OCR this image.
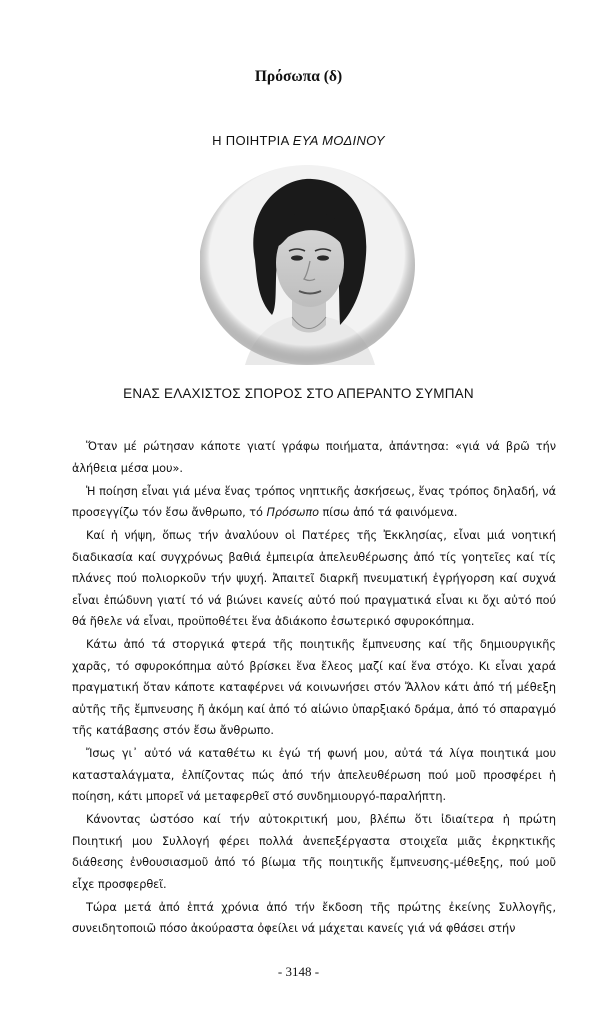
Πρόσωπα (δ)
Η ΠΟΙΗΤΡΙΑ ΕΥΑ ΜΟΔΙΝΟΥ
ΕΝΑΣ ΕΛΑΧΙΣΤΟΣ ΣΠΟΡΟΣ ΣΤΟ ΑΠΕΡΑΝΤΟ ΣΥΜΠΑΝ

Ὅταν μέ ρώτησαν κάποτε γιατί γράφω ποιήματα, ἀπάντησα: «γιά νά βρῶ τήν ἀλήθεια μέσα μου».

Ἡ ποίηση εἶναι γιά μένα ἕνας τρόπος νηπτικῆς ἀσκήσεως, ἕνας τρόπος δηλαδή, νά προσεγγίζω τόν ἔσω ἄνθρωπο, τό Πρόσωπο πίσω ἀπό τά φαινόμενα.

Καί ἡ νήψη, ὅπως τήν ἀναλύουν οἱ Πατέρες τῆς Ἐκκλησίας, εἶναι μιά νοητική διαδικασία καί συγχρόνως βαθιά ἐμπειρία ἀπελευθέρωσης ἀπό τίς γοητεῖες καί τίς πλάνες πού πολιορκοῦν τήν ψυχή. Ἀπαιτεῖ διαρκῆ πνευματική ἐγρήγορση καί συχνά εἶναι ἐπώδυνη γιατί τό νά βιώνει κανείς αὐτό πού πραγματικά εἶναι κι ὄχι αὐτό πού θά ἤθελε νά εἶναι, προϋποθέτει ἕνα ἀδιάκοπο ἐσωτερικό σφυροκόπημα.

Κάτω ἀπό τά στοργικά φτερά τῆς ποιητικῆς ἔμπνευσης καί τῆς δημιουργικῆς χαρᾶς, τό σφυροκόπημα αὐτό βρίσκει ἕνα ἔλεος μαζί καί ἕνα στόχο. Κι εἶναι χαρά πραγματική ὅταν κάποτε καταφέρνει νά κοινωνήσει στόν Ἄλλον κάτι ἀπό τή μέθεξη αὐτῆς τῆς ἔμπνευσης ἤ ἀκόμη καί ἀπό τό αἰώνιο ὑπαρξιακό δράμα, ἀπό τό σπαραγμό τῆς κατάβασης στόν ἔσω ἄνθρωπο.

Ἴσως γι᾽ αὐτό νά καταθέτω κι ἐγώ τή φωνή μου, αὐτά τά λίγα ποιητικά μου κατασταλάγματα, ἐλπίζοντας πώς ἀπό τήν ἀπελευθέρωση πού μοῦ προσφέρει ἡ ποίηση, κάτι μπορεῖ νά μεταφερθεῖ στό συνδημιουργό-παραλήπτη.

Κάνοντας ὡστόσο καί τήν αὐτοκριτική μου, βλέπω ὅτι ἰδιαίτερα ἡ πρώτη Ποιητική μου Συλλογή φέρει πολλά ἀνεπεξέργαστα στοιχεῖα μιᾶς ἐκρηκτικῆς διάθεσης ἐνθουσιασμοῦ ἀπό τό βίωμα τῆς ποιητικῆς ἔμπνευσης-μέθεξης, πού μοῦ εἶχε προσφερθεῖ.

Τώρα μετά ἀπό ἑπτά χρόνια ἀπό τήν ἔκδοση τῆς πρώτης ἐκείνης Συλλογῆς, συνειδητοποιῶ πόσο ἀκούραστα ὀφείλει νά μάχεται κανείς γιά νά φθάσει στήν

- 3148 -
